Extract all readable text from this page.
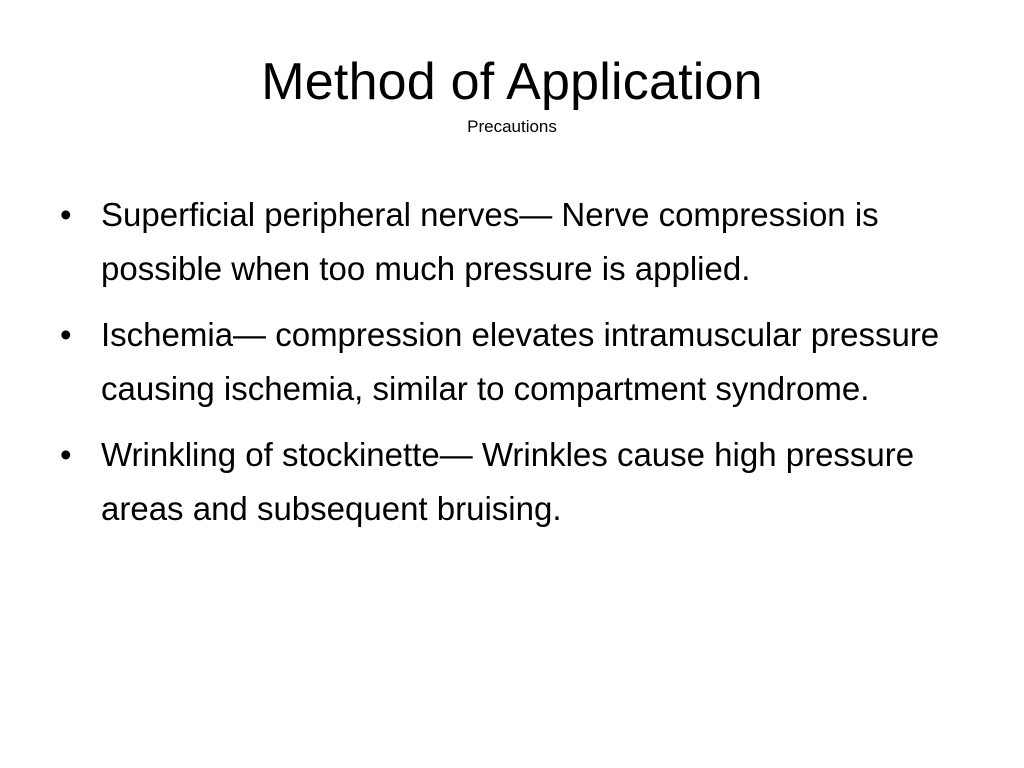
Method of Application
Precautions
• Superficial peripheral nerves— Nerve compression is possible when too much pressure is applied.
• Ischemia— compression elevates intramuscular pressure causing ischemia, similar to compartment syndrome.
• Wrinkling of stockinette— Wrinkles cause high pressure areas and subsequent bruising.
